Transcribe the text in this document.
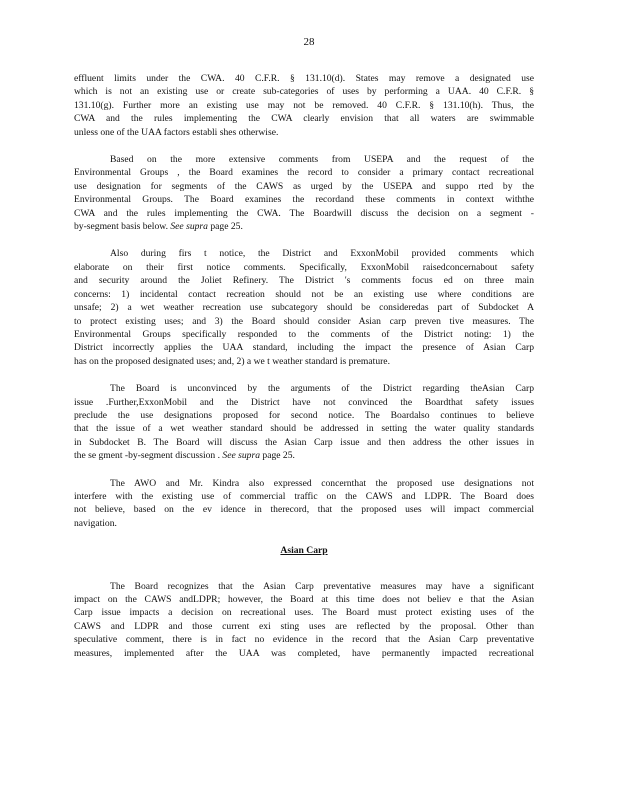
28
effluent limits under the CWA. 40 C.F.R. § 131.10(d). States may remove a designated use
which is not an existing use or create sub-categories of uses by performing a UAA. 40 C.F.R. §
131.10(g). Further more an existing use may not be removed. 40 C.F.R. § 131.10(h). Thus, the
CWA and the rules implementing the CWA clearly envision that all waters are swimmable
unless one of the UAA factors establi shes otherwise.
Based on the more extensive comments from USEPA and the request of the
Environmental Groups , the Board examines the record to consider a primary contact recreational
use designation for segments of the CAWS as urged by the USEPA and suppo rted by the
Environmental Groups. The Board examines the recordand these comments in context withthe
CWA and the rules implementing the CWA. The Boardwill discuss the decision on a segment -
by-segment basis below. See supra page 25.
Also during firs t notice, the District and ExxonMobil provided comments which
elaborate on their first notice comments. Specifically, ExxonMobil raisedconcernabout safety
and security around the Joliet Refinery. The District 's comments focus ed on three main
concerns: 1) incidental contact recreation should not be an existing use where conditions are
unsafe; 2) a wet weather recreation use subcategory should be consideredas part of Subdocket A
to protect existing uses; and 3) the Board should consider Asian carp preven tive measures. The
Environmental Groups specifically responded to the comments of the District noting: 1) the
District incorrectly applies the UAA standard, including the impact the presence of Asian Carp
has on the proposed designated uses; and, 2) a we t weather standard is premature.
The Board is unconvinced by the arguments of the District regarding theAsian Carp
issue .Further,ExxonMobil and the District have not convinced the Boardthat safety issues
preclude the use designations proposed for second notice. The Boardalso continues to believe
that the issue of a wet weather standard should be addressed in setting the water quality standards
in Subdocket B. The Board will discuss the Asian Carp issue and then address the other issues in
the se gment -by-segment discussion . See supra page 25.
The AWO and Mr. Kindra also expressed concernthat the proposed use designations not
interfere with the existing use of commercial traffic on the CAWS and LDPR. The Board does
not believe, based on the ev idence in therecord, that the proposed uses will impact commercial
navigation.
Asian Carp
The Board recognizes that the Asian Carp preventative measures may have a significant
impact on the CAWS andLDPR; however, the Board at this time does not believ e that the Asian
Carp issue impacts a decision on recreational uses. The Board must protect existing uses of the
CAWS and LDPR and those current exi sting uses are reflected by the proposal. Other than
speculative comment, there is in fact no evidence in the record that the Asian Carp preventative
measures, implemented after the UAA was completed, have permanently impacted recreational
